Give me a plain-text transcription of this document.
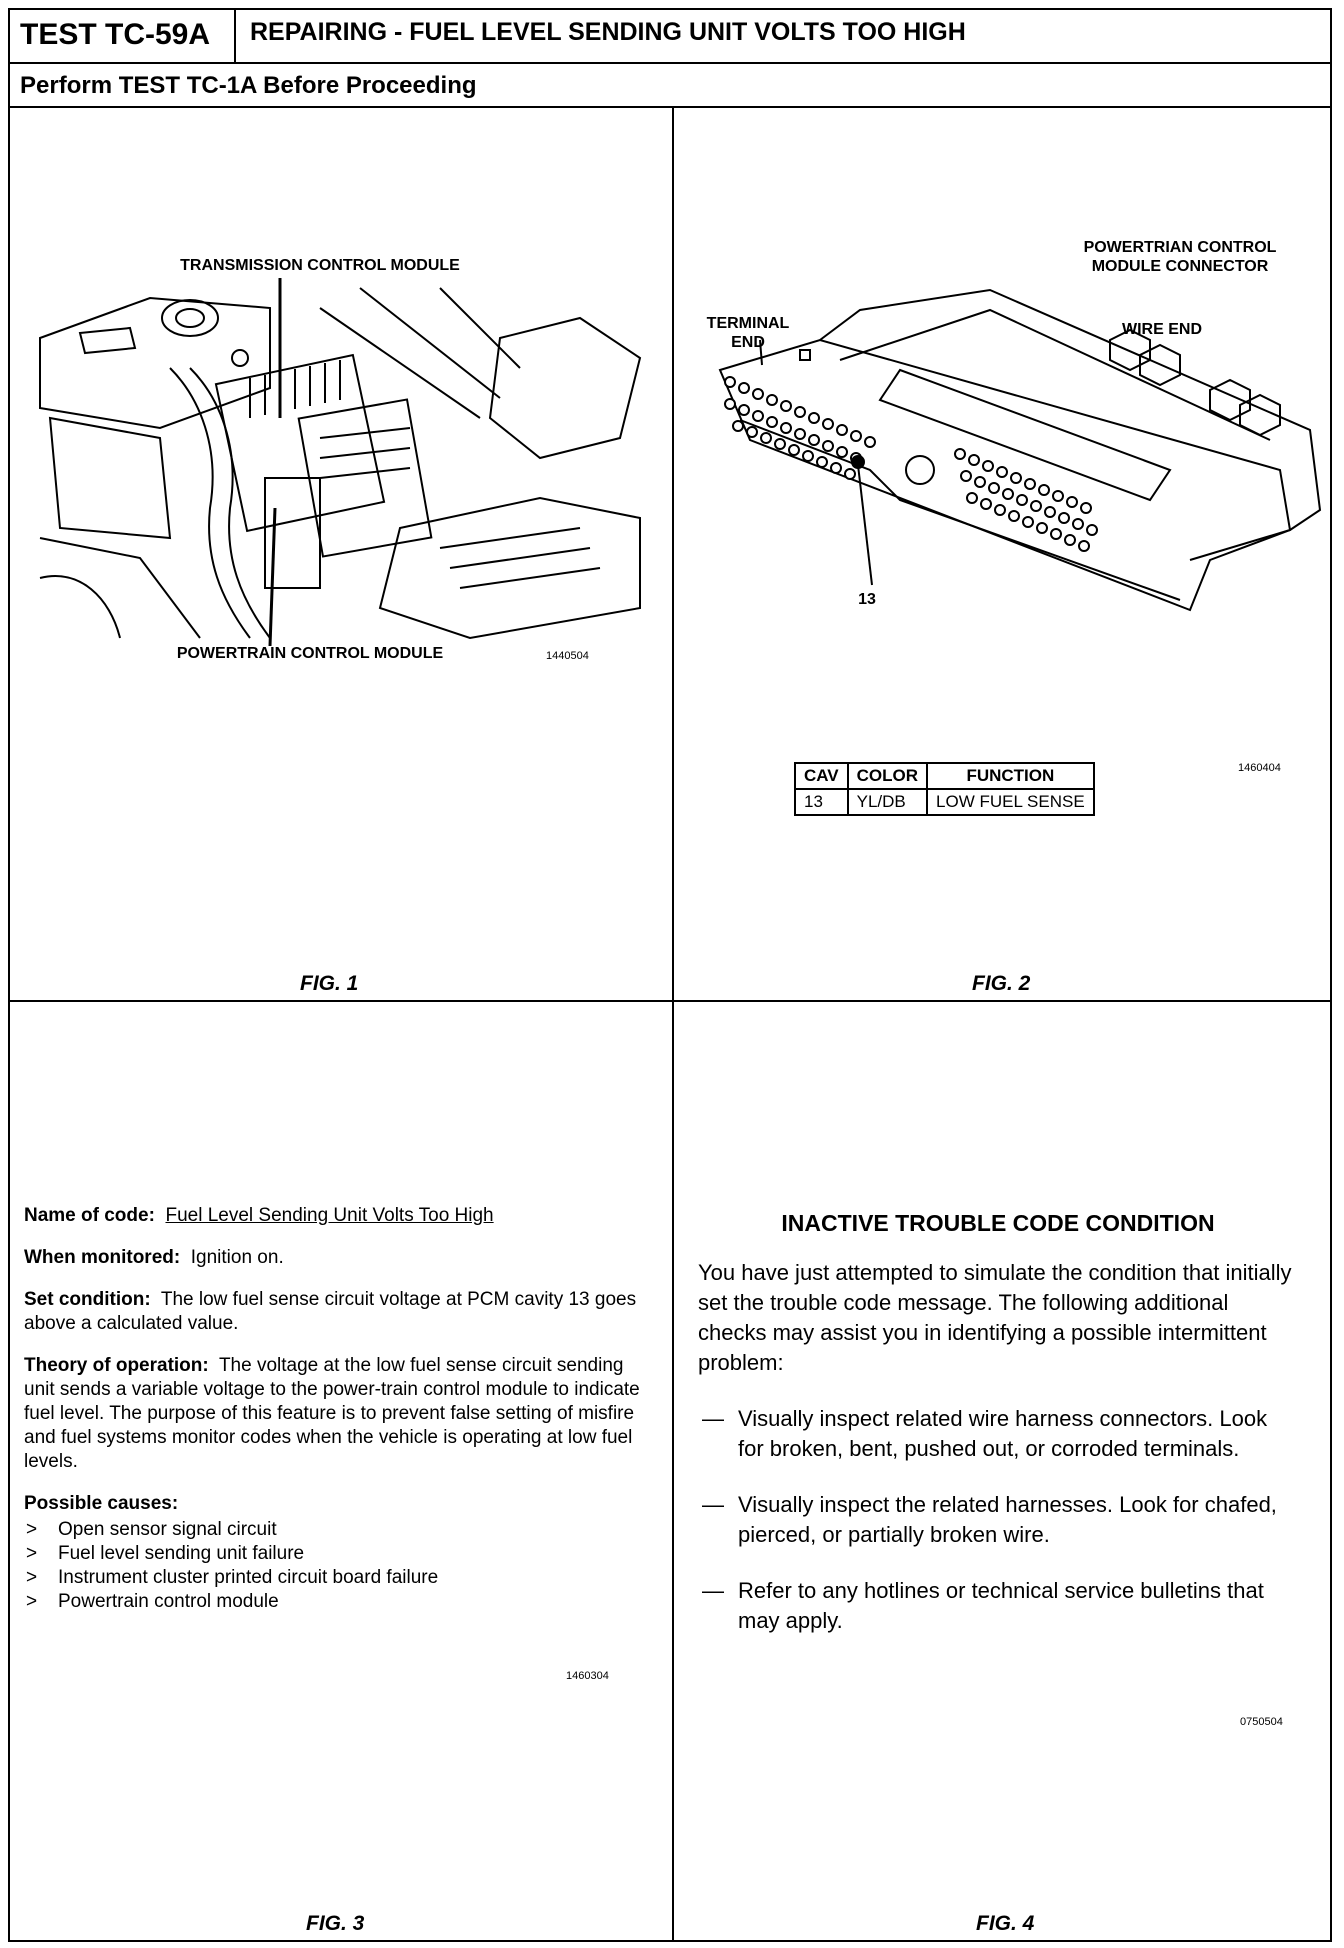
TEST TC-59A	REPAIRING - FUEL LEVEL SENDING UNIT VOLTS TOO HIGH
Perform TEST TC-1A Before Proceeding
TRANSMISSION CONTROL MODULE
POWERTRAIN CONTROL MODULE	1440504
FIG. 1
POWERTRIAN CONTROL MODULE CONNECTOR
TERMINAL END
WIRE END
13
CAV	COLOR	FUNCTION
13	YL/DB	LOW FUEL SENSE
1460404
FIG. 2

Name of code: Fuel Level Sending Unit Volts Too High

When monitored: Ignition on.

Set condition: The low fuel sense circuit voltage at PCM cavity 13 goes above a calculated value.

Theory of operation: The voltage at the low fuel sense circuit sending unit sends a variable voltage to the power-train control module to indicate fuel level. The purpose of this feature is to prevent false setting of misfire and fuel systems monitor codes when the vehicle is operating at low fuel levels.

Possible causes:

> Open sensor signal circuit
> Fuel level sending unit failure
> Instrument cluster printed circuit board failure
> Powertrain control module
1460304
FIG. 3
INACTIVE TROUBLE CODE CONDITION

You have just attempted to simulate the condition that initially set the trouble code message. The following additional checks may assist you in identifying a possible intermittent problem:

— Visually inspect related wire harness connectors. Look for broken, bent, pushed out, or corroded terminals.
— Visually inspect the related harnesses. Look for chafed, pierced, or partially broken wire.
— Refer to any hotlines or technical service bulletins that may apply.
0750504
FIG. 4
